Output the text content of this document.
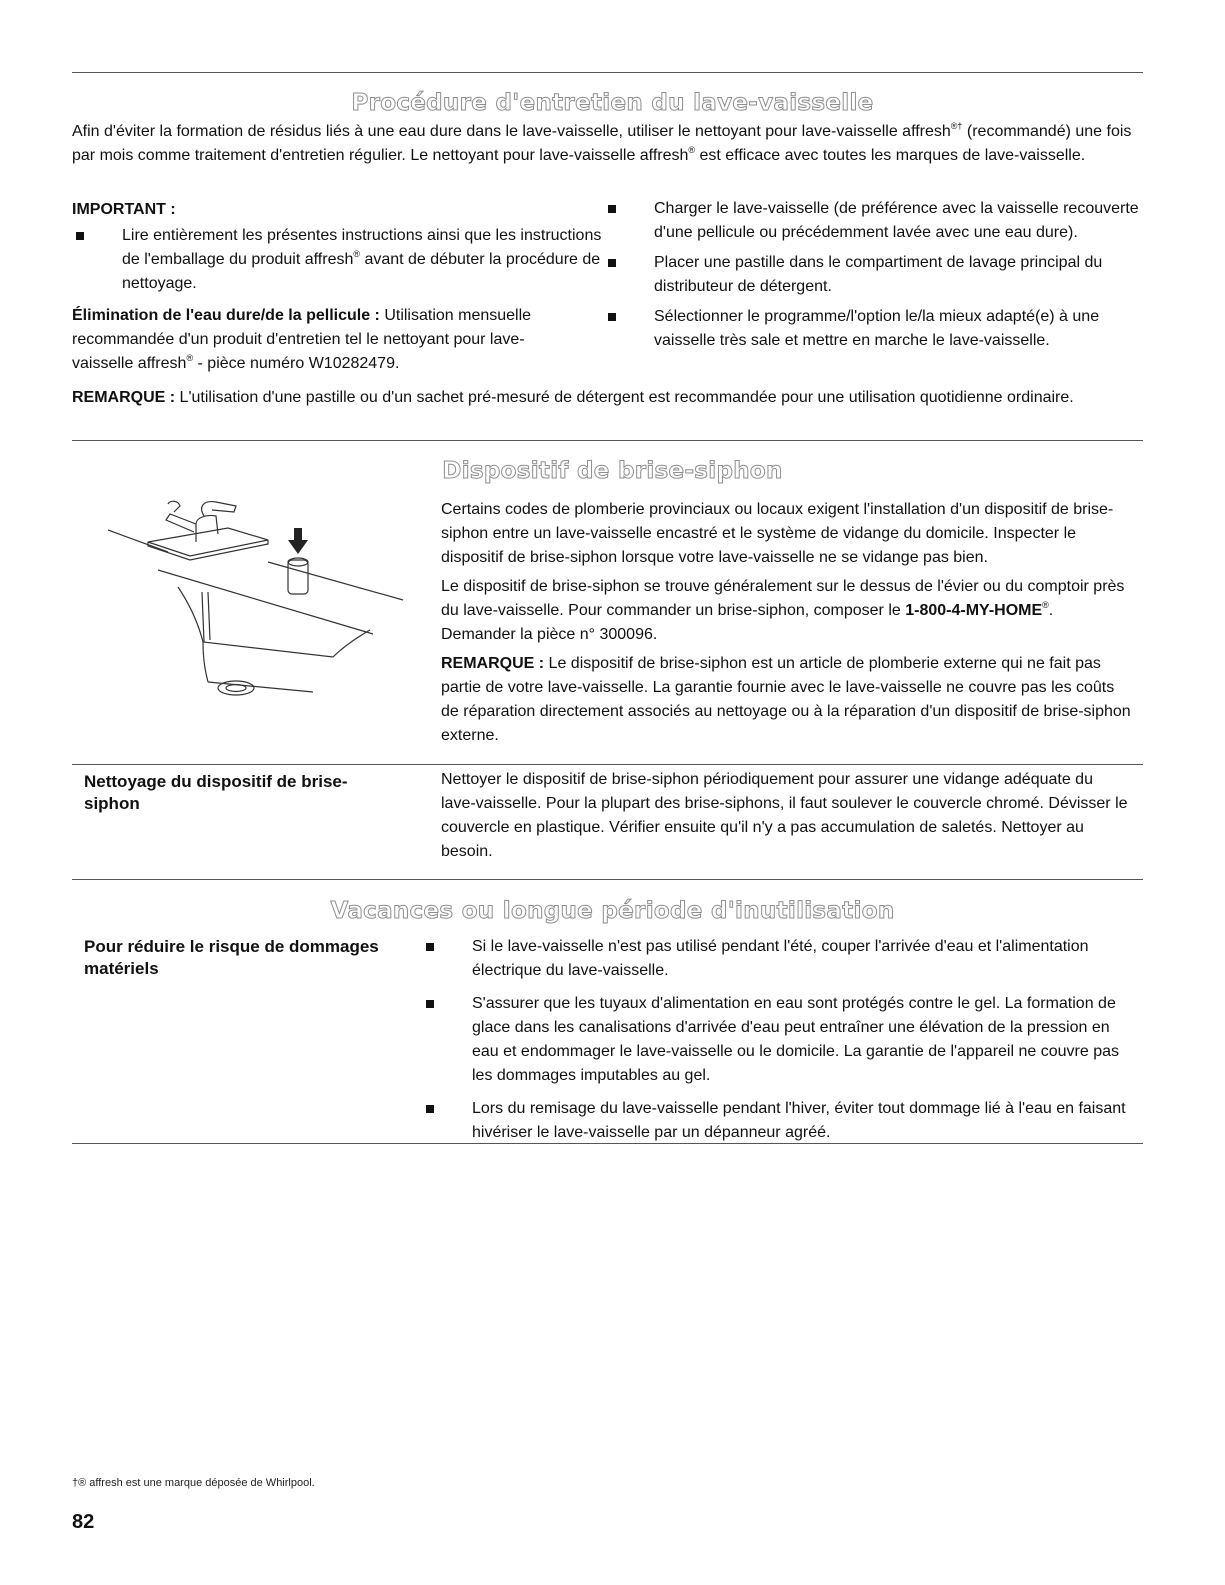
Procédure d'entretien du lave-vaisselle
Afin d'éviter la formation de résidus liés à une eau dure dans le lave-vaisselle, utiliser le nettoyant pour lave-vaisselle affresh®† (recommandé) une fois par mois comme traitement d'entretien régulier. Le nettoyant pour lave-vaisselle affresh® est efficace avec toutes les marques de lave-vaisselle.
IMPORTANT :
Lire entièrement les présentes instructions ainsi que les instructions de l'emballage du produit affresh® avant de débuter la procédure de nettoyage.
Élimination de l'eau dure/de la pellicule : Utilisation mensuelle recommandée d'un produit d'entretien tel le nettoyant pour lave-vaisselle affresh® - pièce numéro W10282479.
Charger le lave-vaisselle (de préférence avec la vaisselle recouverte d'une pellicule ou précédemment lavée avec une eau dure).
Placer une pastille dans le compartiment de lavage principal du distributeur de détergent.
Sélectionner le programme/l'option le/la mieux adapté(e) à une vaisselle très sale et mettre en marche le lave-vaisselle.
REMARQUE : L'utilisation d'une pastille ou d'un sachet pré-mesuré de détergent est recommandée pour une utilisation quotidienne ordinaire.
Dispositif de brise-siphon
Certains codes de plomberie provinciaux ou locaux exigent l'installation d'un dispositif de brise-siphon entre un lave-vaisselle encastré et le système de vidange du domicile. Inspecter le dispositif de brise-siphon lorsque votre lave-vaisselle ne se vidange pas bien.
Le dispositif de brise-siphon se trouve généralement sur le dessus de l'évier ou du comptoir près du lave-vaisselle. Pour commander un brise-siphon, composer le 1-800-4-MY-HOME®. Demander la pièce n° 300096.
REMARQUE : Le dispositif de brise-siphon est un article de plomberie externe qui ne fait pas partie de votre lave-vaisselle. La garantie fournie avec le lave-vaisselle ne couvre pas les coûts de réparation directement associés au nettoyage ou à la réparation d'un dispositif de brise-siphon externe.
Nettoyage du dispositif de brise-siphon
Nettoyer le dispositif de brise-siphon périodiquement pour assurer une vidange adéquate du lave-vaisselle. Pour la plupart des brise-siphons, il faut soulever le couvercle chromé. Dévisser le couvercle en plastique. Vérifier ensuite qu'il n'y a pas accumulation de saletés. Nettoyer au besoin.
Vacances ou longue période d'inutilisation
Pour réduire le risque de dommages matériels
Si le lave-vaisselle n'est pas utilisé pendant l'été, couper l'arrivée d'eau et l'alimentation électrique du lave-vaisselle.
S'assurer que les tuyaux d'alimentation en eau sont protégés contre le gel. La formation de glace dans les canalisations d'arrivée d'eau peut entraîner une élévation de la pression en eau et endommager le lave-vaisselle ou le domicile. La garantie de l'appareil ne couvre pas les dommages imputables au gel.
Lors du remisage du lave-vaisselle pendant l'hiver, éviter tout dommage lié à l'eau en faisant hivériser le lave-vaisselle par un dépanneur agréé.
†® affresh est une marque déposée de Whirlpool.
82
